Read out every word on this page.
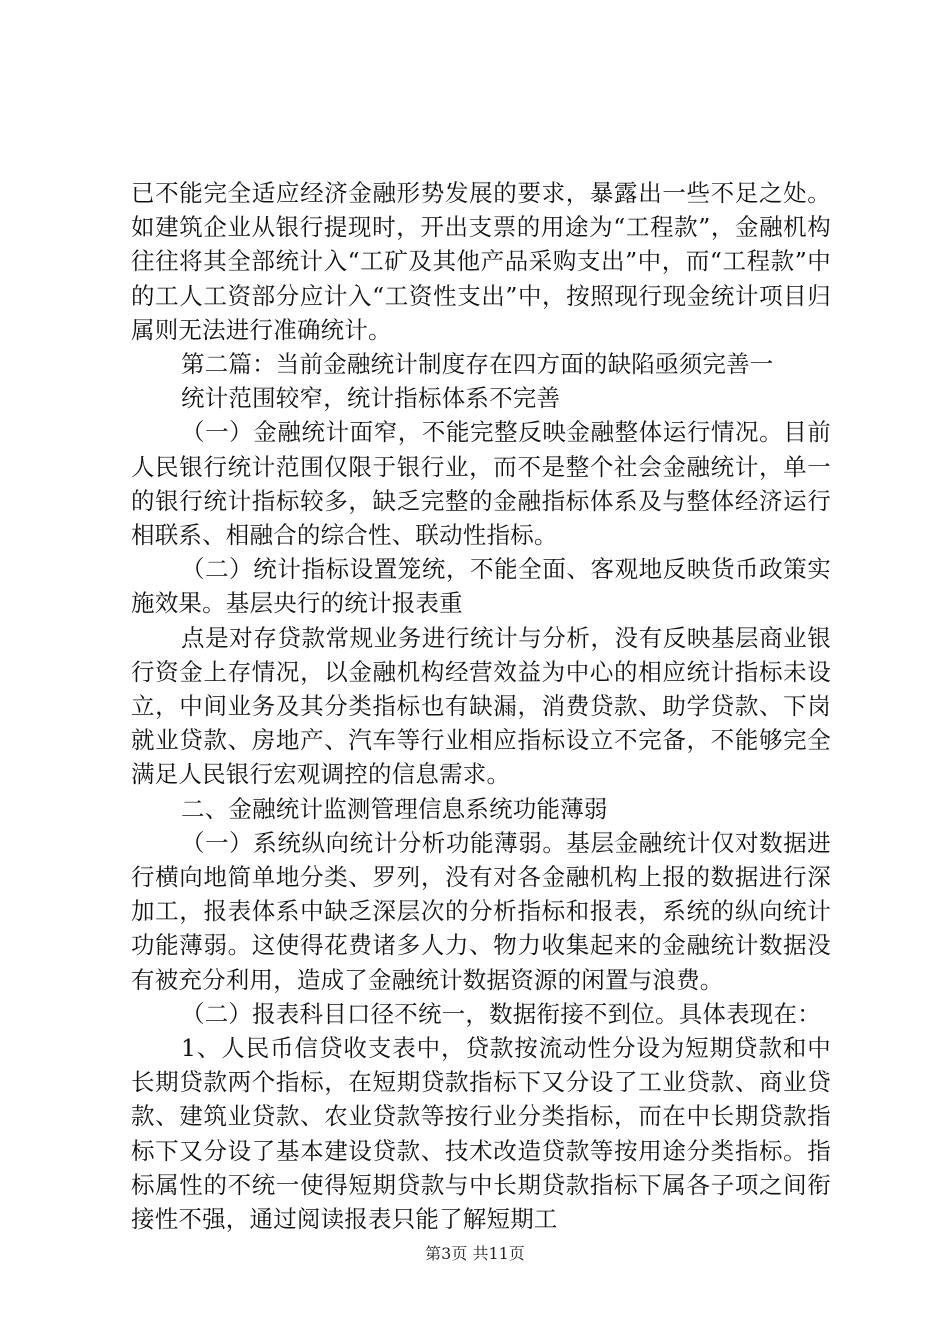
已不能完全适应经济金融形势发展的要求，暴露出一些不足之处。如建筑企业从银行提现时，开出支票的用途为“工程款”，金融机构往往将其全部统计入“工矿及其他产品采购支出”中，而“工程款”中的工人工资部分应计入“工资性支出”中，按照现行现金统计项目归属则无法进行准确统计。

第二篇：当前金融统计制度存在四方面的缺陷亟须完善一

统计范围较窄，统计指标体系不完善

（一）金融统计面窄，不能完整反映金融整体运行情况。目前人民银行统计范围仅限于银行业，而不是整个社会金融统计，单一的银行统计指标较多，缺乏完整的金融指标体系及与整体经济运行相联系、相融合的综合性、联动性指标。

（二）统计指标设置笼统，不能全面、客观地反映货币政策实施效果。基层央行的统计报表重

点是对存贷款常规业务进行统计与分析，没有反映基层商业银行资金上存情况，以金融机构经营效益为中心的相应统计指标未设立，中间业务及其分类指标也有缺漏，消费贷款、助学贷款、下岗就业贷款、房地产、汽车等行业相应指标设立不完备，不能够完全满足人民银行宏观调控的信息需求。

二、金融统计监测管理信息系统功能薄弱

（一）系统纵向统计分析功能薄弱。基层金融统计仅对数据进行横向地简单地分类、罗列，没有对各金融机构上报的数据进行深加工，报表体系中缺乏深层次的分析指标和报表，系统的纵向统计功能薄弱。这使得花费诸多人力、物力收集起来的金融统计数据没有被充分利用，造成了金融统计数据资源的闲置与浪费。

（二）报表科目口径不统一，数据衔接不到位。具体表现在：

1、人民币信贷收支表中，贷款按流动性分设为短期贷款和中长期贷款两个指标，在短期贷款指标下又分设了工业贷款、商业贷款、建筑业贷款、农业贷款等按行业分类指标，而在中长期贷款指标下又分设了基本建设贷款、技术改造贷款等按用途分类指标。指标属性的不统一使得短期贷款与中长期贷款指标下属各子项之间衔接性不强，通过阅读报表只能了解短期工

第3页 共11页
